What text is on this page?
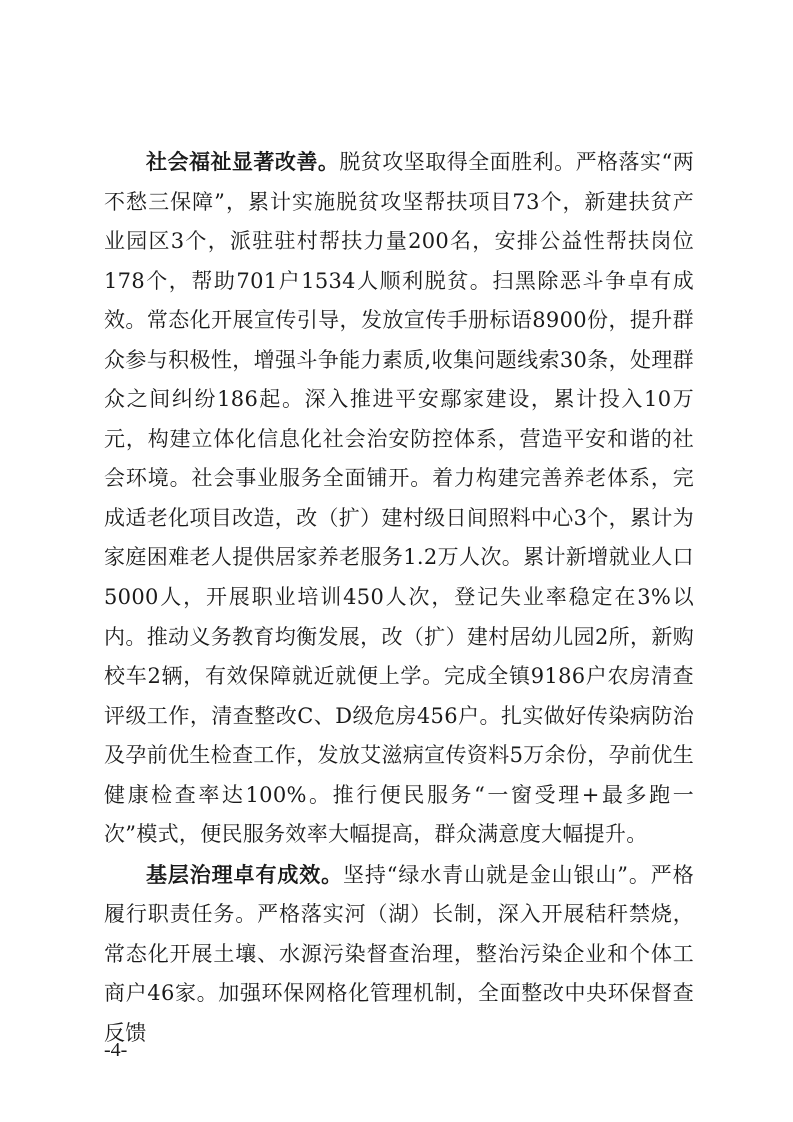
社会福祉显著改善。脱贫攻坚取得全面胜利。严格落实“两不愁三保障”，累计实施脱贫攻坚帮扶项目73个，新建扶贫产业园区3个，派驻驻村帮扶力量200名，安排公益性帮扶岗位178个，帮助701户1534人顺利脱贫。扫黑除恶斗争卓有成效。常态化开展宣传引导，发放宣传手册标语8900份，提升群众参与积极性，增强斗争能力素质,收集问题线索30条，处理群众之间纠纷186起。深入推进平安鄢家建设，累计投入10万元，构建立体化信息化社会治安防控体系，营造平安和谐的社会环境。社会事业服务全面铺开。着力构建完善养老体系，完成适老化项目改造，改（扩）建村级日间照料中心3个，累计为家庭困难老人提供居家养老服务1.2万人次。累计新增就业人口5000人，开展职业培训450人次，登记失业率稳定在3%以内。推动义务教育均衡发展，改（扩）建村居幼儿园2所，新购校车2辆，有效保障就近就便上学。完成全镇9186户农房清查评级工作，清查整改C、D级危房456户。扎实做好传染病防治及孕前优生检查工作，发放艾滋病宣传资料5万余份，孕前优生健康检查率达100%。推行便民服务“一窗受理+最多跑一次”模式，便民服务效率大幅提高，群众满意度大幅提升。

基层治理卓有成效。坚持“绿水青山就是金山银山”。严格履行职责任务。严格落实河（湖）长制，深入开展秸秆禁烧，常态化开展土壤、水源污染督查治理，整治污染企业和个体工商户46家。加强环保网格化管理机制，全面整改中央环保督查反馈

-4-
